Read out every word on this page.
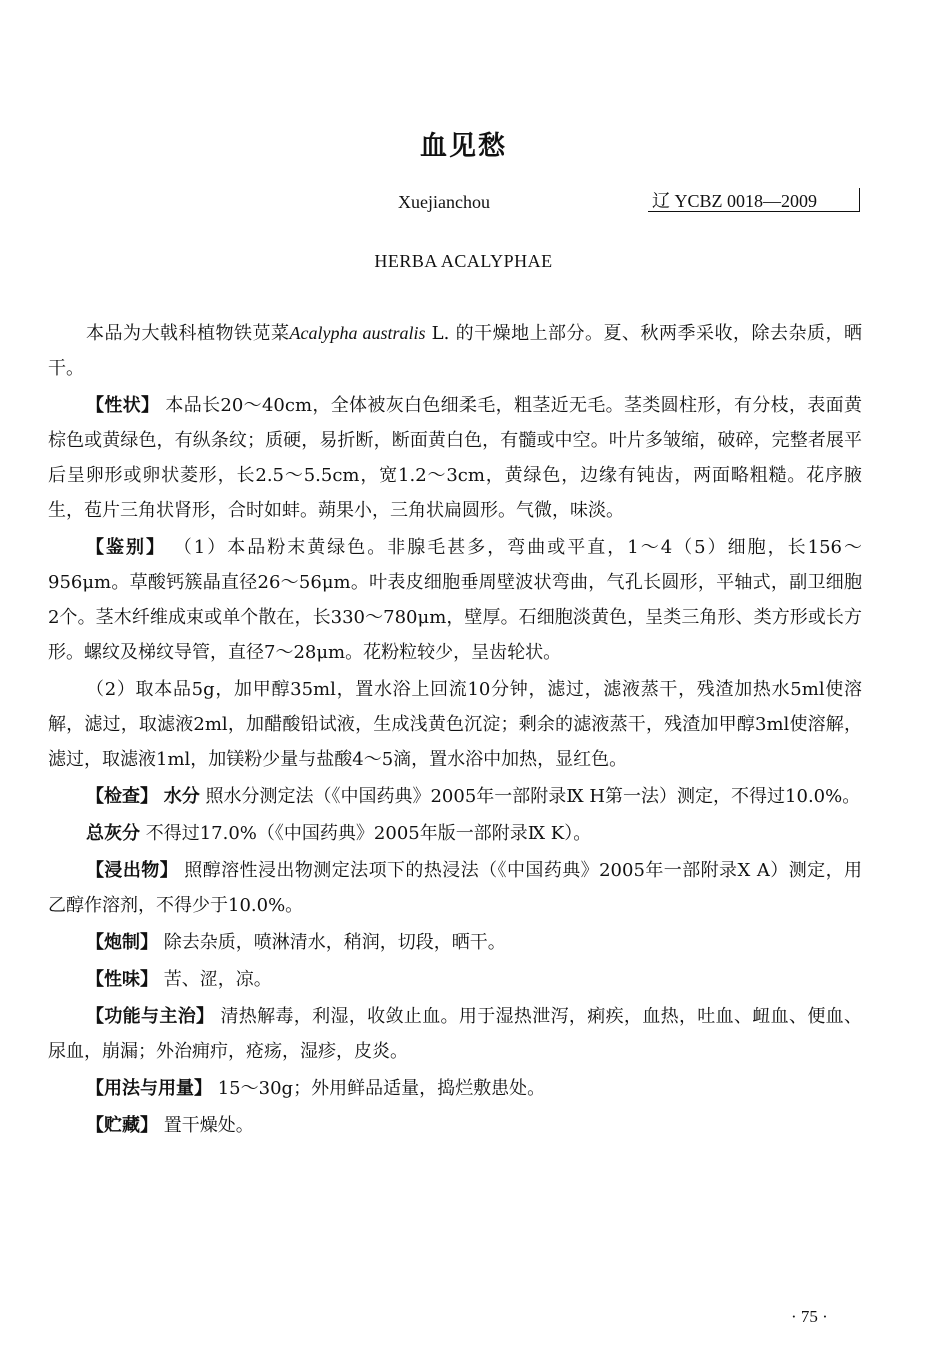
血见愁
Xuejianchou	辽 YCBZ 0018—2009
HERBA ACALYPHAE

本品为大戟科植物铁苋菜Acalypha australis L. 的干燥地上部分。夏、秋两季采收，除去杂质，晒干。

【性状】 本品长20～40cm，全体被灰白色细柔毛，粗茎近无毛。茎类圆柱形，有分枝，表面黄棕色或黄绿色，有纵条纹；质硬，易折断，断面黄白色，有髓或中空。叶片多皱缩，破碎，完整者展平后呈卵形或卵状菱形，长2.5～5.5cm，宽1.2～3cm，黄绿色，边缘有钝齿，两面略粗糙。花序腋生，苞片三角状肾形，合时如蚌。蒴果小，三角状扁圆形。气微，味淡。

【鉴别】 （1）本品粉末黄绿色。非腺毛甚多，弯曲或平直，1～4（5）细胞，长156～956μm。草酸钙簇晶直径26～56μm。叶表皮细胞垂周壁波状弯曲，气孔长圆形，平轴式，副卫细胞2个。茎木纤维成束或单个散在，长330～780μm，壁厚。石细胞淡黄色，呈类三角形、类方形或长方形。螺纹及梯纹导管，直径7～28μm。花粉粒较少，呈齿轮状。

（2）取本品5g，加甲醇35ml，置水浴上回流10分钟，滤过，滤液蒸干，残渣加热水5ml使溶解，滤过，取滤液2ml，加醋酸铅试液，生成浅黄色沉淀；剩余的滤液蒸干，残渣加甲醇3ml使溶解，滤过，取滤液1ml，加镁粉少量与盐酸4～5滴，置水浴中加热，显红色。

【检查】 水分 照水分测定法（《中国药典》2005年一部附录Ⅸ H第一法）测定，不得过10.0%。

总灰分 不得过17.0%（《中国药典》2005年版一部附录Ⅸ K）。

【浸出物】 照醇溶性浸出物测定法项下的热浸法（《中国药典》2005年一部附录Ⅹ A）测定，用乙醇作溶剂，不得少于10.0%。

【炮制】 除去杂质，喷淋清水，稍润，切段，晒干。

【性味】 苦、涩，凉。

【功能与主治】 清热解毒，利湿，收敛止血。用于湿热泄泻，痢疾，血热，吐血、衄血、便血、尿血，崩漏；外治痈疖，疮疡，湿疹，皮炎。

【用法与用量】 15～30g；外用鲜品适量，捣烂敷患处。

【贮藏】 置干燥处。

· 75 ·
